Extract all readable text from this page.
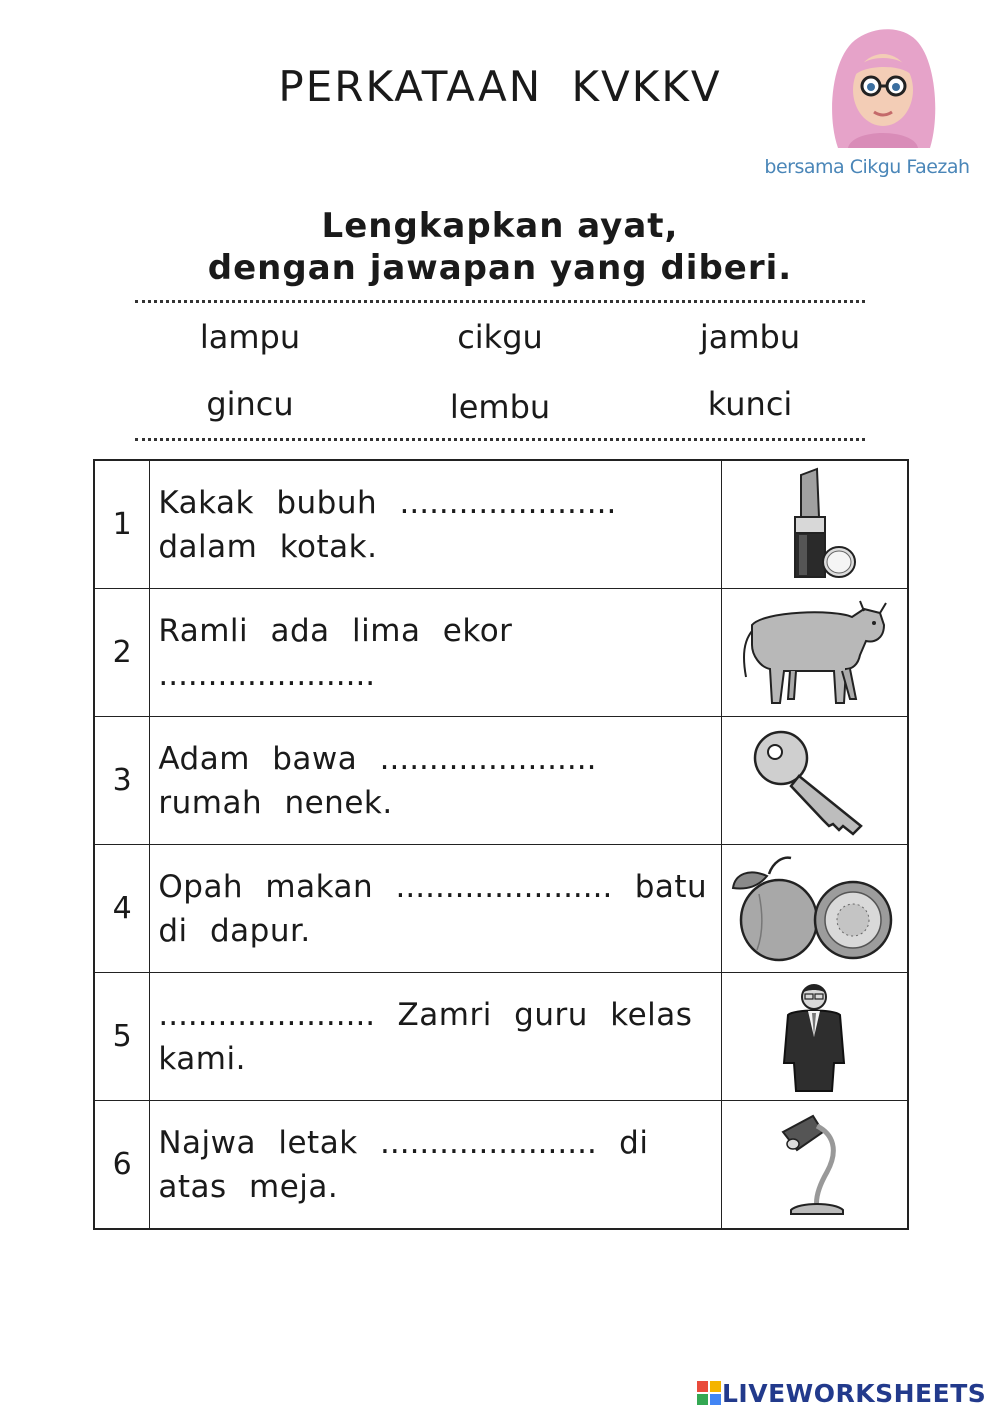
PERKATAAN KVKKV
bersama Cikgu Faezah
Lengkapkan ayat,
dengan jawapan yang diberi.
lampu	cikgu	jambu
gincu	lembu	kunci
1	Kakak bubuh ...................... dalam kotak.	

2	Ramli ada lima ekor ......................	

3	Adam bawa ...................... rumah nenek.	

4	Opah makan ...................... batu di dapur.	

5	...................... Zamri guru kelas kami.	

6	Najwa letak ...................... di atas meja.	
LIVEWORKSHEETS
